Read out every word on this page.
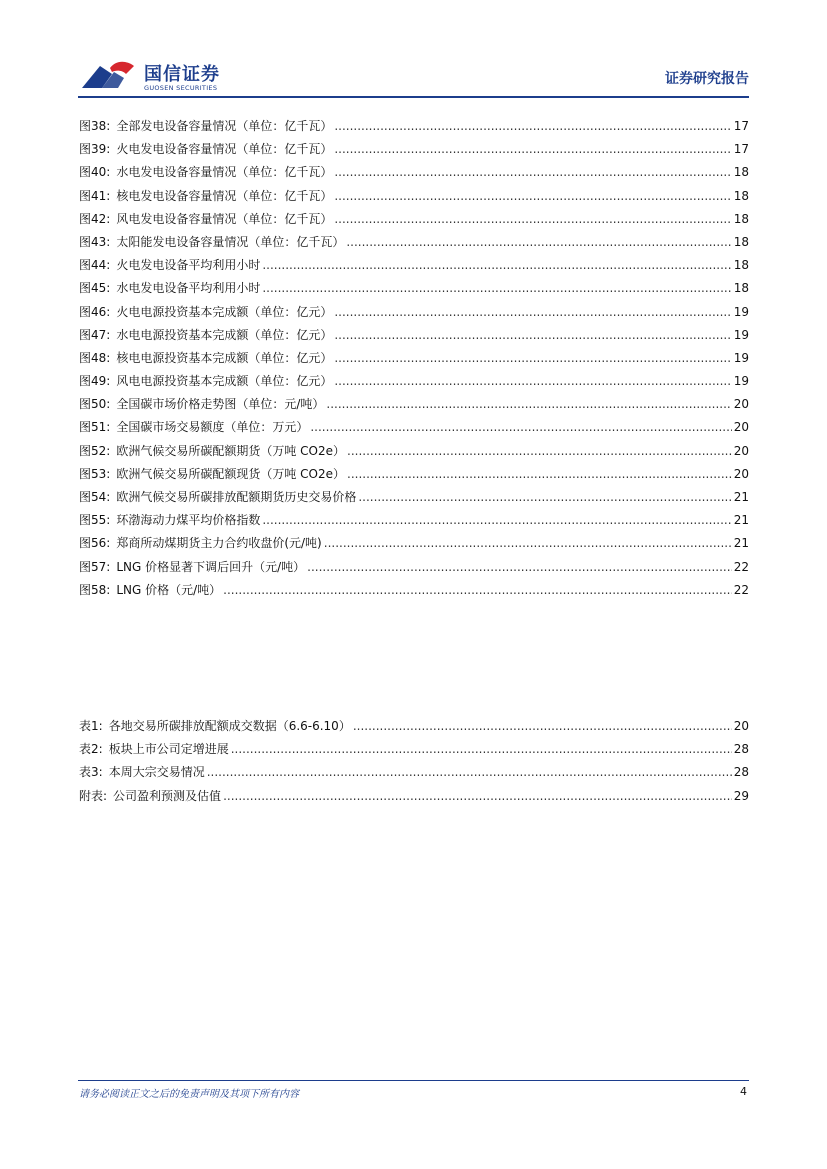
国信证券
GUOSEN SECURITIES
证券研究报告
图38: 全部发电设备容量情况（单位：亿千瓦） .....	17
图39: 火电发电设备容量情况（单位：亿千瓦） .....	17
图40: 水电发电设备容量情况（单位：亿千瓦） .....	18
图41: 核电发电设备容量情况（单位：亿千瓦） .....	18
图42: 风电发电设备容量情况（单位：亿千瓦） .....	18
图43: 太阳能发电设备容量情况（单位：亿千瓦） .....	18
图44: 火电发电设备平均利用小时 .....	18
图45: 水电发电设备平均利用小时 .....	18
图46: 火电电源投资基本完成额（单位：亿元） .....	19
图47: 水电电源投资基本完成额（单位：亿元） .....	19
图48: 核电电源投资基本完成额（单位：亿元） .....	19
图49: 风电电源投资基本完成额（单位：亿元） .....	19
图50: 全国碳市场价格走势图（单位：元/吨） .....	20
图51: 全国碳市场交易额度（单位：万元） .....	20
图52: 欧洲气候交易所碳配额期货（万吨 CO2e） .....	20
图53: 欧洲气候交易所碳配额现货（万吨 CO2e） .....	20
图54: 欧洲气候交易所碳排放配额期货历史交易价格 .....	21
图55: 环渤海动力煤平均价格指数 .....	21
图56: 郑商所动煤期货主力合约收盘价(元/吨) .....	21
图57: LNG 价格显著下调后回升（元/吨） .....	22
图58: LNG 价格（元/吨） .....	22
表1: 各地交易所碳排放配额成交数据（6.6-6.10） .....	20
表2: 板块上市公司定增进展 .....	28
表3: 本周大宗交易情况 .....	28
附表: 公司盈利预测及估值 .....	29
请务必阅读正文之后的免责声明及其项下所有内容	4
